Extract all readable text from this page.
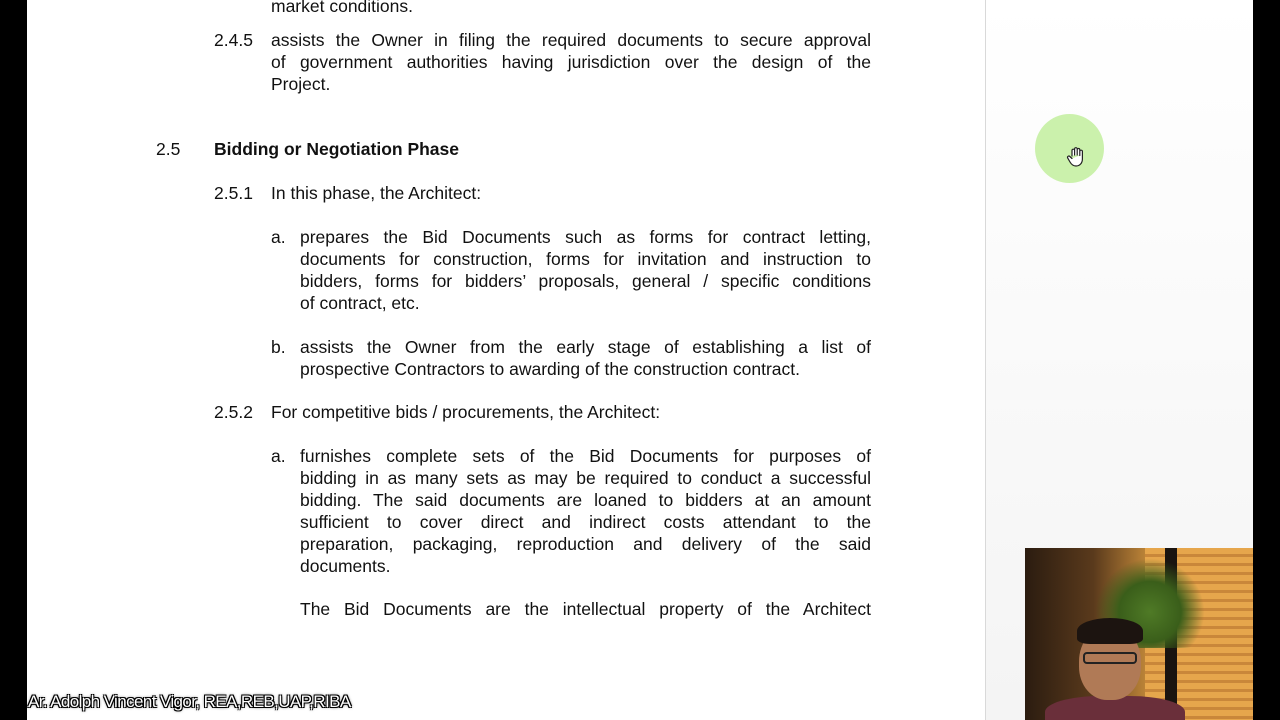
market conditions.
2.4.5 assists the Owner in filing the required documents to secure approval
of government authorities having jurisdiction over the design of the
Project.
2.5 Bidding or Negotiation Phase
2.5.1 In this phase, the Architect:
a. prepares the Bid Documents such as forms for contract letting,
documents for construction, forms for invitation and instruction to
bidders, forms for bidders’ proposals, general / specific conditions
of contract, etc.
b. assists the Owner from the early stage of establishing a list of
prospective Contractors to awarding of the construction contract.
2.5.2 For competitive bids / procurements, the Architect:
a. furnishes complete sets of the Bid Documents for purposes of
bidding in as many sets as may be required to conduct a successful
bidding. The said documents are loaned to bidders at an amount
sufficient to cover direct and indirect costs attendant to the
preparation, packaging, reproduction and delivery of the said
documents.
The Bid Documents are the intellectual property of the Architect
Ar. Adolph Vincent Vigor, REA,REB,UAP,RIBA
